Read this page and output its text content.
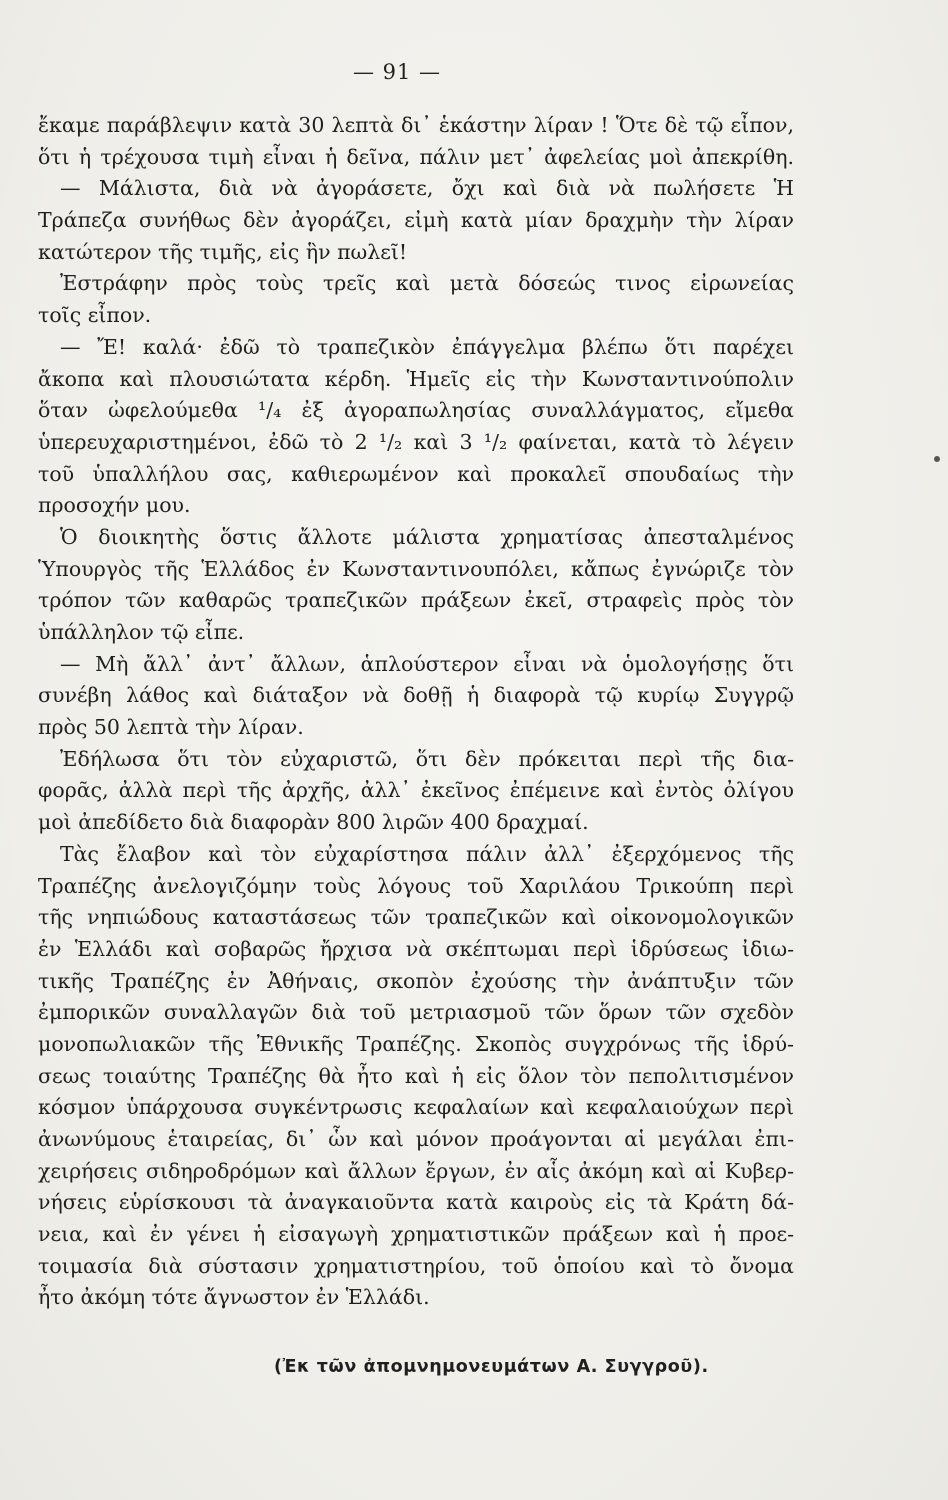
— 91 —
ἔκαμε παράβλεψιν κατὰ 30 λεπτὰ δι᾽ ἑκάστην λίραν ! Ὅτε δὲ τῷ εἶπον,
ὅτι ἡ τρέχουσα τιμὴ εἶναι ἡ δεῖνα, πάλιν μετ᾽ ἀφελείας μοὶ ἀπεκρίθη.
— Μάλιστα, διὰ νὰ ἀγοράσετε, ὄχι καὶ διὰ νὰ πωλήσετε Ἡ
Τράπεζα συνήθως δὲν ἀγοράζει, εἰμὴ κατὰ μίαν δραχμὴν τὴν λίραν
κατώτερον τῆς τιμῆς, εἰς ἣν πωλεῖ!
Ἐστράφην πρὸς τοὺς τρεῖς καὶ μετὰ δόσεώς τινος εἰρωνείας
τοῖς εἶπον.
— Ἔ! καλά· ἐδῶ τὸ τραπεζικὸν ἐπάγγελμα βλέπω ὅτι παρέχει
ἄκοπα καὶ πλουσιώτατα κέρδη. Ἡμεῖς εἰς τὴν Κωνσταντινούπολιν
ὅταν ὠφελούμεθα ¹/₄ ἐξ ἀγοραπωλησίας συναλλάγματος, εἴμεθα
ὑπερευχαριστημένοι, ἐδῶ τὸ 2 ¹/₂ καὶ 3 ¹/₂ φαίνεται, κατὰ τὸ λέγειν
τοῦ ὑπαλλήλου σας, καθιερωμένον καὶ προκαλεῖ σπουδαίως τὴν
προσοχήν μου.
Ὁ διοικητὴς ὅστις ἄλλοτε μάλιστα χρηματίσας ἀπεσταλμένος
Ὑπουργὸς τῆς Ἑλλάδος ἐν Κωνσταντινουπόλει, κἄπως ἐγνώριζε τὸν
τρόπον τῶν καθαρῶς τραπεζικῶν πράξεων ἐκεῖ, στραφεὶς πρὸς τὸν
ὑπάλληλον τῷ εἶπε.
— Μὴ ἄλλ᾽ ἀντ᾽ ἄλλων, ἁπλούστερον εἶναι νὰ ὁμολογήσῃς ὅτι
συνέβη λάθος καὶ διάταξον νὰ δοθῇ ἡ διαφορὰ τῷ κυρίῳ Συγγρῷ
πρὸς 50 λεπτὰ τὴν λίραν.
Ἐδήλωσα ὅτι τὸν εὐχαριστῶ, ὅτι δὲν πρόκειται περὶ τῆς δια-
φορᾶς, ἀλλὰ περὶ τῆς ἀρχῆς, ἀλλ᾽ ἐκεῖνος ἐπέμεινε καὶ ἐντὸς ὀλίγου
μοὶ ἀπεδίδετο διὰ διαφορὰν 800 λιρῶν 400 δραχμαί.
Τὰς ἔλαβον καὶ τὸν εὐχαρίστησα πάλιν ἀλλ᾽ ἐξερχόμενος τῆς
Τραπέζης ἀνελογιζόμην τοὺς λόγους τοῦ Χαριλάου Τρικούπη περὶ
τῆς νηπιώδους καταστάσεως τῶν τραπεζικῶν καὶ οἰκονομολογικῶν
ἐν Ἑλλάδι καὶ σοβαρῶς ἤρχισα νὰ σκέπτωμαι περὶ ἱδρύσεως ἰδιω-
τικῆς Τραπέζης ἐν Ἀθήναις, σκοπὸν ἐχούσης τὴν ἀνάπτυξιν τῶν
ἐμπορικῶν συναλλαγῶν διὰ τοῦ μετριασμοῦ τῶν ὅρων τῶν σχεδὸν
μονοπωλιακῶν τῆς Ἐθνικῆς Τραπέζης. Σκοπὸς συγχρόνως τῆς ἱδρύ-
σεως τοιαύτης Τραπέζης θὰ ἦτο καὶ ἡ εἰς ὅλον τὸν πεπολιτισμένον
κόσμον ὑπάρχουσα συγκέντρωσις κεφαλαίων καὶ κεφαλαιούχων περὶ
ἀνωνύμους ἑταιρείας, δι᾽ ὧν καὶ μόνον προάγονται αἱ μεγάλαι ἐπι-
χειρήσεις σιδηροδρόμων καὶ ἄλλων ἔργων, ἐν αἷς ἀκόμη καὶ αἱ Κυβερ-
νήσεις εὑρίσκουσι τὰ ἀναγκαιοῦντα κατὰ καιροὺς εἰς τὰ Κράτη δά-
νεια, καὶ ἐν γένει ἡ εἰσαγωγὴ χρηματιστικῶν πράξεων καὶ ἡ προε-
τοιμασία διὰ σύστασιν χρηματιστηρίου, τοῦ ὁποίου καὶ τὸ ὄνομα
ἦτο ἀκόμη τότε ἄγνωστον ἐν Ἑλλάδι.
(Ἐκ τῶν ἀπομνημονευμάτων Α. Συγγροῦ).
